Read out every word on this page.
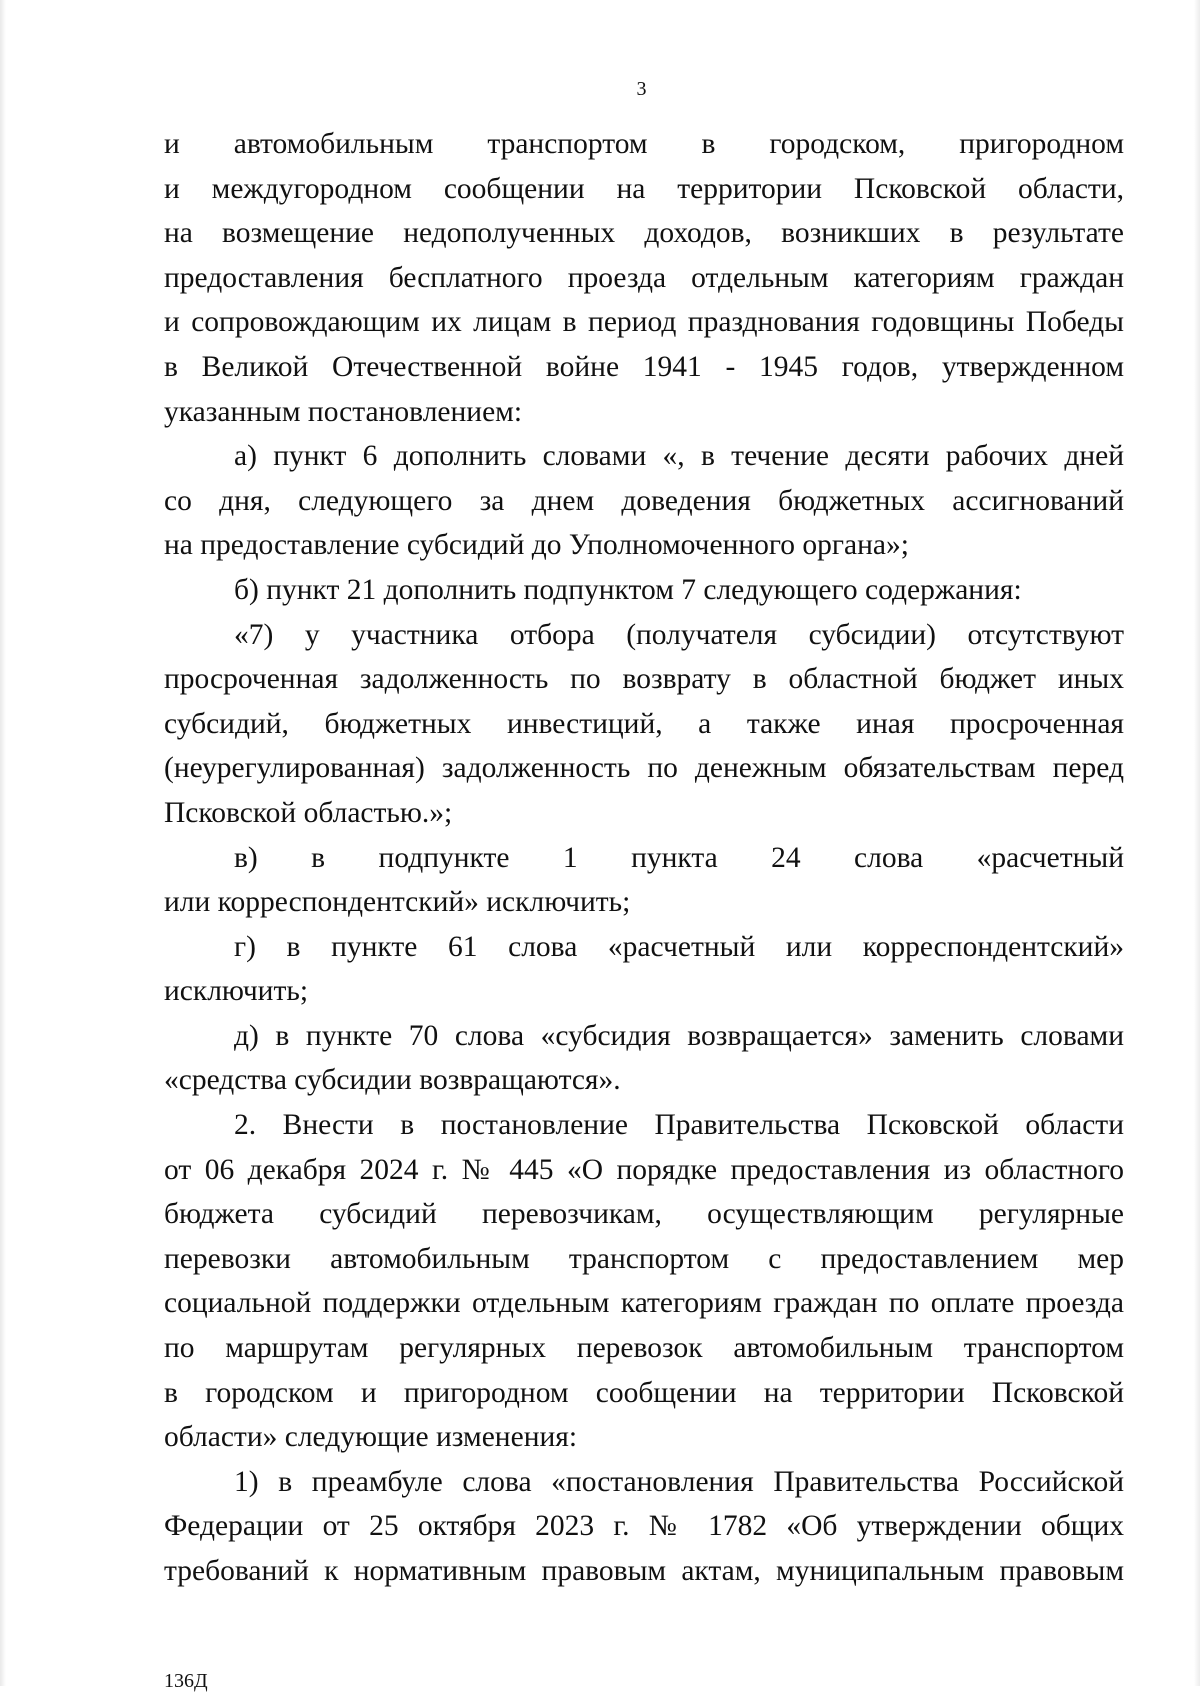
3

и автомобильным транспортом в городском, пригородном

и междугородном сообщении на территории Псковской области,

на возмещение недополученных доходов, возникших в результате

предоставления бесплатного проезда отдельным категориям граждан

и сопровождающим их лицам в период празднования годовщины Победы

в Великой Отечественной войне 1941 - 1945 годов, утвержденном

указанным постановлением:

а) пункт 6 дополнить словами «, в течение десяти рабочих дней

со дня, следующего за днем доведения бюджетных ассигнований

на предоставление субсидий до Уполномоченного органа»;

б) пункт 21 дополнить подпунктом 7 следующего содержания:

«7) у участника отбора (получателя субсидии) отсутствуют

просроченная задолженность по возврату в областной бюджет иных

субсидий, бюджетных инвестиций, а также иная просроченная

(неурегулированная) задолженность по денежным обязательствам перед

Псковской областью.»;

в) в подпункте 1 пункта 24 слова «расчетный

или корреспондентский» исключить;

г) в пункте 61 слова «расчетный или корреспондентский»

исключить;

д) в пункте 70 слова «субсидия возвращается» заменить словами

«средства субсидии возвращаются».

2. Внести в постановление Правительства Псковской области

от 06 декабря 2024 г. № 445 «О порядке предоставления из областного

бюджета субсидий перевозчикам, осуществляющим регулярные

перевозки автомобильным транспортом с предоставлением мер

социальной поддержки отдельным категориям граждан по оплате проезда

по маршрутам регулярных перевозок автомобильным транспортом

в городском и пригородном сообщении на территории Псковской

области» следующие изменения:

1) в преамбуле слова «постановления Правительства Российской

Федерации от 25 октября 2023 г. № 1782 «Об утверждении общих

требований к нормативным правовым актам, муниципальным правовым

136Д
